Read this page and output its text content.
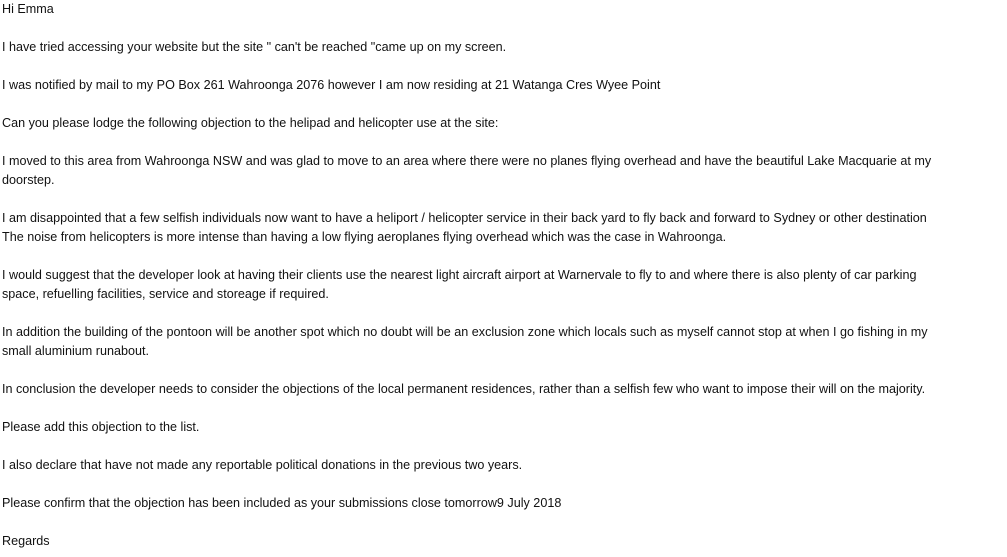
Hi Emma

I have tried accessing your website but the site " can't be reached "came up on my screen.

I was notified by mail to my PO Box 261 Wahroonga 2076 however I am now residing at 21 Watanga Cres Wyee Point

Can you please lodge the following objection to the helipad and helicopter use at the site:

I moved to this area from Wahroonga NSW and was glad to move to an area where there were no planes flying overhead and have the beautiful Lake Macquarie at my
doorstep.

I am disappointed that a few selfish individuals now want to have a heliport / helicopter service in their back yard to fly back and forward to Sydney or other destination
The noise from helicopters is more intense than having a low flying aeroplanes flying overhead which was the case in Wahroonga.

I would suggest that the developer look at having their clients use the nearest light aircraft airport at Warnervale to fly to and where there is also plenty of car parking
space, refuelling facilities, service and storeage if required.

In addition the building of the pontoon will be another spot which no doubt will be an exclusion zone which locals such as myself cannot stop at when I go fishing in my
small aluminium runabout.

In conclusion the developer needs to consider the objections of the local permanent residences, rather than a selfish few who want to impose their will on the majority.

Please add this objection to the list.

I also declare that have not made any reportable political donations in the previous two years.

Please confirm that the objection has been included as your submissions close tomorrow9 July 2018

Regards
